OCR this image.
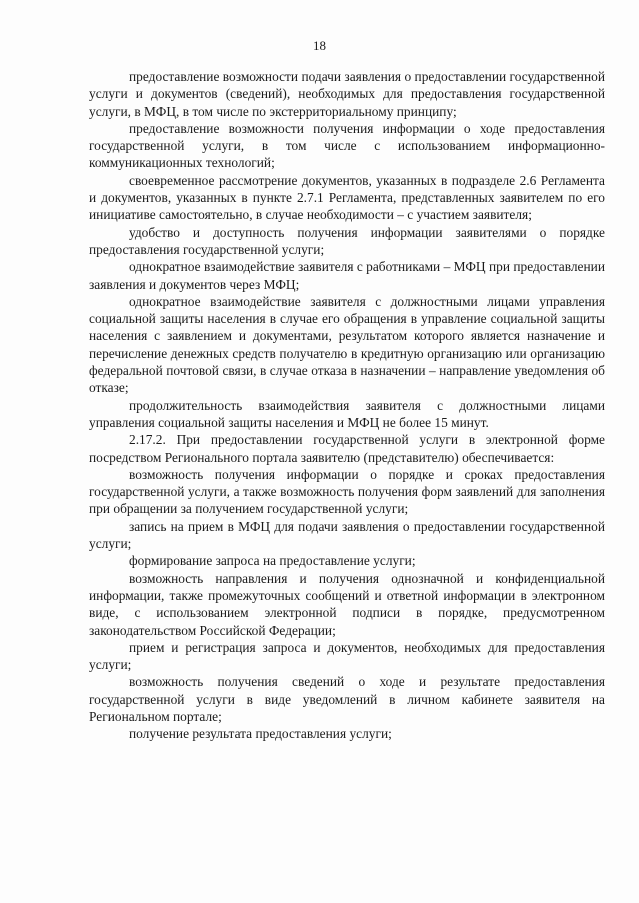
18

предоставление возможности подачи заявления о предоставлении государственной услуги и документов (сведений), необходимых для предоставления государственной услуги, в МФЦ, в том числе по экстерриториальному принципу;

предоставление возможности получения информации о ходе предоставления государственной услуги, в том числе с использованием информационно-коммуникационных технологий;

своевременное рассмотрение документов, указанных в подразделе 2.6 Регламента и документов, указанных в пункте 2.7.1 Регламента, представленных заявителем по его инициативе самостоятельно, в случае необходимости – с участием заявителя;

удобство и доступность получения информации заявителями о порядке предоставления государственной услуги;

однократное взаимодействие заявителя с работниками – МФЦ при предоставлении заявления и документов через МФЦ;

однократное взаимодействие заявителя с должностными лицами управления социальной защиты населения в случае его обращения в управление социальной защиты населения с заявлением и документами, результатом которого является назначение и перечисление денежных средств получателю в кредитную организацию или организацию федеральной почтовой связи, в случае отказа в назначении – направление уведомления об отказе;

продолжительность взаимодействия заявителя с должностными лицами управления социальной защиты населения и МФЦ не более 15 минут.

2.17.2. При предоставлении государственной услуги в электронной форме посредством Регионального портала заявителю (представителю) обеспечивается:

возможность получения информации о порядке и сроках предоставления государственной услуги, а также возможность получения форм заявлений для заполнения при обращении за получением государственной услуги;

запись на прием в МФЦ для подачи заявления о предоставлении государственной услуги;

формирование запроса на предоставление услуги;

возможность направления и получения однозначной и конфиденциальной информации, также промежуточных сообщений и ответной информации в электронном виде, с использованием электронной подписи в порядке, предусмотренном законодательством Российской Федерации;

прием и регистрация запроса и документов, необходимых для предоставления услуги;

возможность получения сведений о ходе и результате предоставления государственной услуги в виде уведомлений в личном кабинете заявителя на Региональном портале;

получение результата предоставления услуги;
